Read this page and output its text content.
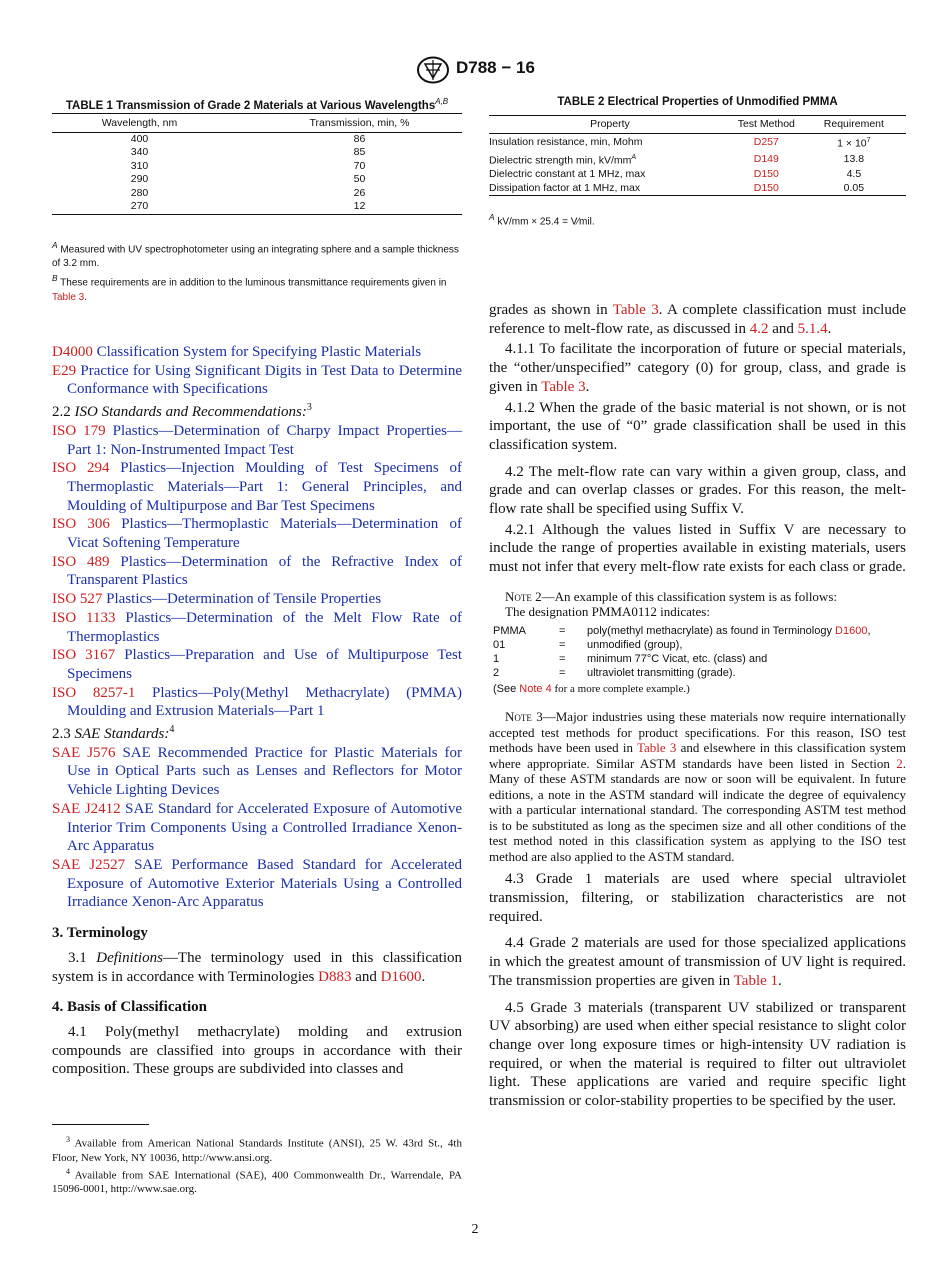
D788 − 16
TABLE 1 Transmission of Grade 2 Materials at Various Wavelengths$^{A,B}$
Wavelength, nm	Transmission, min, %
400	86
340	85
310	70
290	50
280	26
270	12

$^A$ Measured with UV spectrophotometer using an integrating sphere and a sample thickness of 3.2 mm.

$^B$ These requirements are in addition to the luminous transmittance requirements given in Table 3.

TABLE 2 Electrical Properties of Unmodified PMMA
Property	Test Method	Requirement
Insulation resistance, min, Mohm	D257	$1 \times 10^7$
Dielectric strength min, $kV/mm^A$	D149	13.8
Dielectric constant at 1 MHz, max	D150	4.5
Dissipation factor at 1 MHz, max	D150	0.05
$^A$ kV/mm × 25.4 = V⁄mil.

D4000 Classification System for Specifying Plastic Materials

E29 Practice for Using Significant Digits in Test Data to Determine Conformance with Specifications

2.2 ISO Standards and Recommendations:$^3$

ISO 179 Plastics—Determination of Charpy Impact Properties—Part 1: Non-Instrumented Impact Test

ISO 294 Plastics—Injection Moulding of Test Specimens of Thermoplastic Materials—Part 1: General Principles, and Moulding of Multipurpose and Bar Test Specimens

ISO 306 Plastics—Thermoplastic Materials—Determination of Vicat Softening Temperature

ISO 489 Plastics—Determination of the Refractive Index of Transparent Plastics

ISO 527 Plastics—Determination of Tensile Properties

ISO 1133 Plastics—Determination of the Melt Flow Rate of Thermoplastics

ISO 3167 Plastics—Preparation and Use of Multipurpose Test Specimens

ISO 8257-1 Plastics—Poly(Methyl Methacrylate) (PMMA) Moulding and Extrusion Materials—Part 1

2.3 SAE Standards:$^4$

SAE J576 SAE Recommended Practice for Plastic Materials for Use in Optical Parts such as Lenses and Reflectors for Motor Vehicle Lighting Devices

SAE J2412 SAE Standard for Accelerated Exposure of Automotive Interior Trim Components Using a Controlled Irradiance Xenon-Arc Apparatus

SAE J2527 SAE Performance Based Standard for Accelerated Exposure of Automotive Exterior Materials Using a Controlled Irradiance Xenon-Arc Apparatus

3. Terminology

3.1 Definitions—The terminology used in this classification system is in accordance with Terminologies D883 and D1600.

4. Basis of Classification

4.1 Poly(methyl methacrylate) molding and extrusion compounds are classified into groups in accordance with their composition. These groups are subdivided into classes and

grades as shown in Table 3. A complete classification must include reference to melt-flow rate, as discussed in 4.2 and 5.1.4.

4.1.1 To facilitate the incorporation of future or special materials, the “other/unspecified” category (0) for group, class, and grade is given in Table 3.

4.1.2 When the grade of the basic material is not shown, or is not important, the use of “0” grade classification shall be used in this classification system.

4.2 The melt-flow rate can vary within a given group, class, and grade and can overlap classes or grades. For this reason, the melt-flow rate shall be specified using Suffix V.

4.2.1 Although the values listed in Suffix V are necessary to include the range of properties available in existing materials, users must not infer that every melt-flow rate exists for each class or grade.

Note 2—An example of this classification system is as follows:

The designation PMMA0112 indicates:

PMMA	=	poly(methyl methacrylate) as found in Terminology D1600,
01	=	unmodified (group),
1	=	minimum 77°C Vicat, etc. (class) and
2	=	ultraviolet transmitting (grade).

(See Note 4 for a more complete example.)

Note 3—Major industries using these materials now require internationally accepted test methods for product specifications. For this reason, ISO test methods have been used in Table 3 and elsewhere in this classification system where appropriate. Similar ASTM standards have been listed in Section 2. Many of these ASTM standards are now or soon will be equivalent. In future editions, a note in the ASTM standard will indicate the degree of equivalency with a particular international standard. The corresponding ASTM test method is to be substituted as long as the specimen size and all other conditions of the test method noted in this classification system as applying to the ISO test method are also applied to the ASTM standard.

4.3 Grade 1 materials are used where special ultraviolet transmission, filtering, or stabilization characteristics are not required.

4.4 Grade 2 materials are used for those specialized applications in which the greatest amount of transmission of UV light is required. The transmission properties are given in Table 1.

4.5 Grade 3 materials (transparent UV stabilized or transparent UV absorbing) are used when either special resistance to slight color change over long exposure times or high-intensity UV radiation is required, or when the material is required to filter out ultraviolet light. These applications are varied and require specific light transmission or color-stability properties to be specified by the user.

$^3$ Available from American National Standards Institute (ANSI), 25 W. 43rd St., 4th Floor, New York, NY 10036, http://www.ansi.org.

$^4$ Available from SAE International (SAE), 400 Commonwealth Dr., Warrendale, PA 15096-0001, http://www.sae.org.

2
